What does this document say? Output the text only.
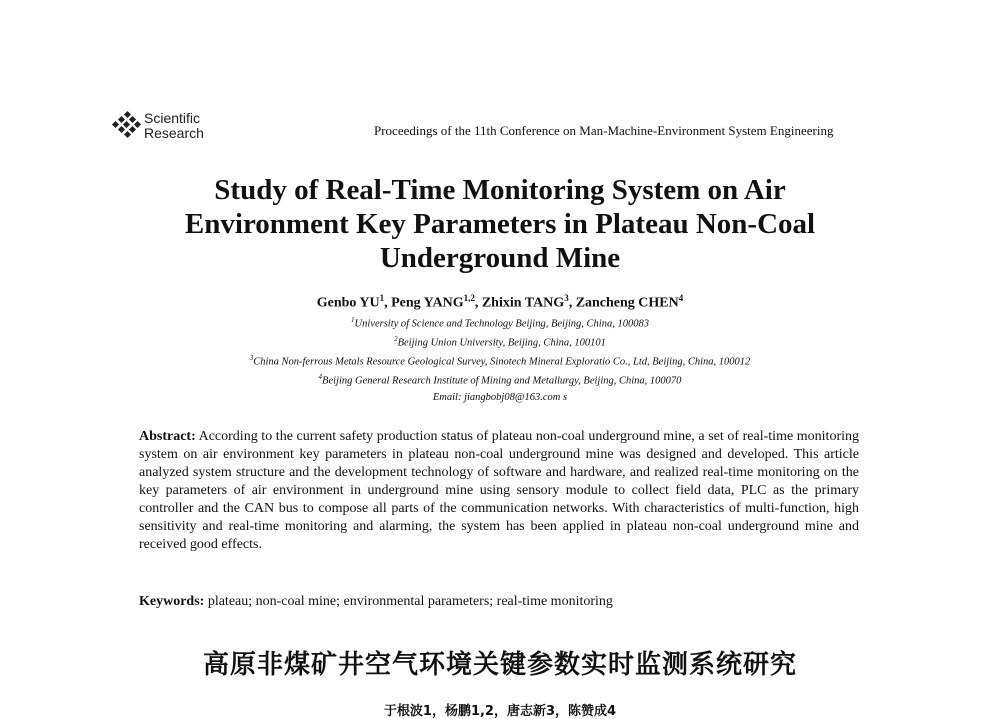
Scientific
Research	Proceedings of the 11th Conference on Man-Machine-Environment System Engineering
Study of Real-Time Monitoring System on Air
Environment Key Parameters in Plateau Non-Coal
Underground Mine
Genbo $YU^1$, Peng YANG$^{1,2}$, Zhixin TANG$^3$, Zancheng CHEN$^4$
$^1$University of Science and Technology Beijing, Beijing, China, 100083
$^2$Beijing Union University, Beijing, China, 100101
$^3$China Non-ferrous Metals Resource Geological Survey, Sinotech Mineral Exploratio Co., Ltd, Beijing, China, 100012
$^4$Beijing General Research Institute of Mining and Metallurgy, Beijing, China, 100070
Email: jiangbobj08@163.com s

Abstract: According to the current safety production status of plateau non-coal underground mine, a set of real-time monitoring system on air environment key parameters in plateau non-coal underground mine was designed and developed. This article analyzed system structure and the development technology of software and hardware, and realized real-time monitoring on the key parameters of air environment in underground mine using sensory module to collect field data, PLC as the primary controller and the CAN bus to compose all parts of the communication networks. With characteristics of multi-function, high sensitivity and real-time monitoring and alarming, the system has been applied in plateau non-coal underground mine and received good effects.

Keywords: plateau; non-coal mine; environmental parameters; real-time monitoring

高原非煤矿井空气环境关键参数实时监测系统研究
于根波1，杨鹏1,2，唐志新3，陈赞成4
